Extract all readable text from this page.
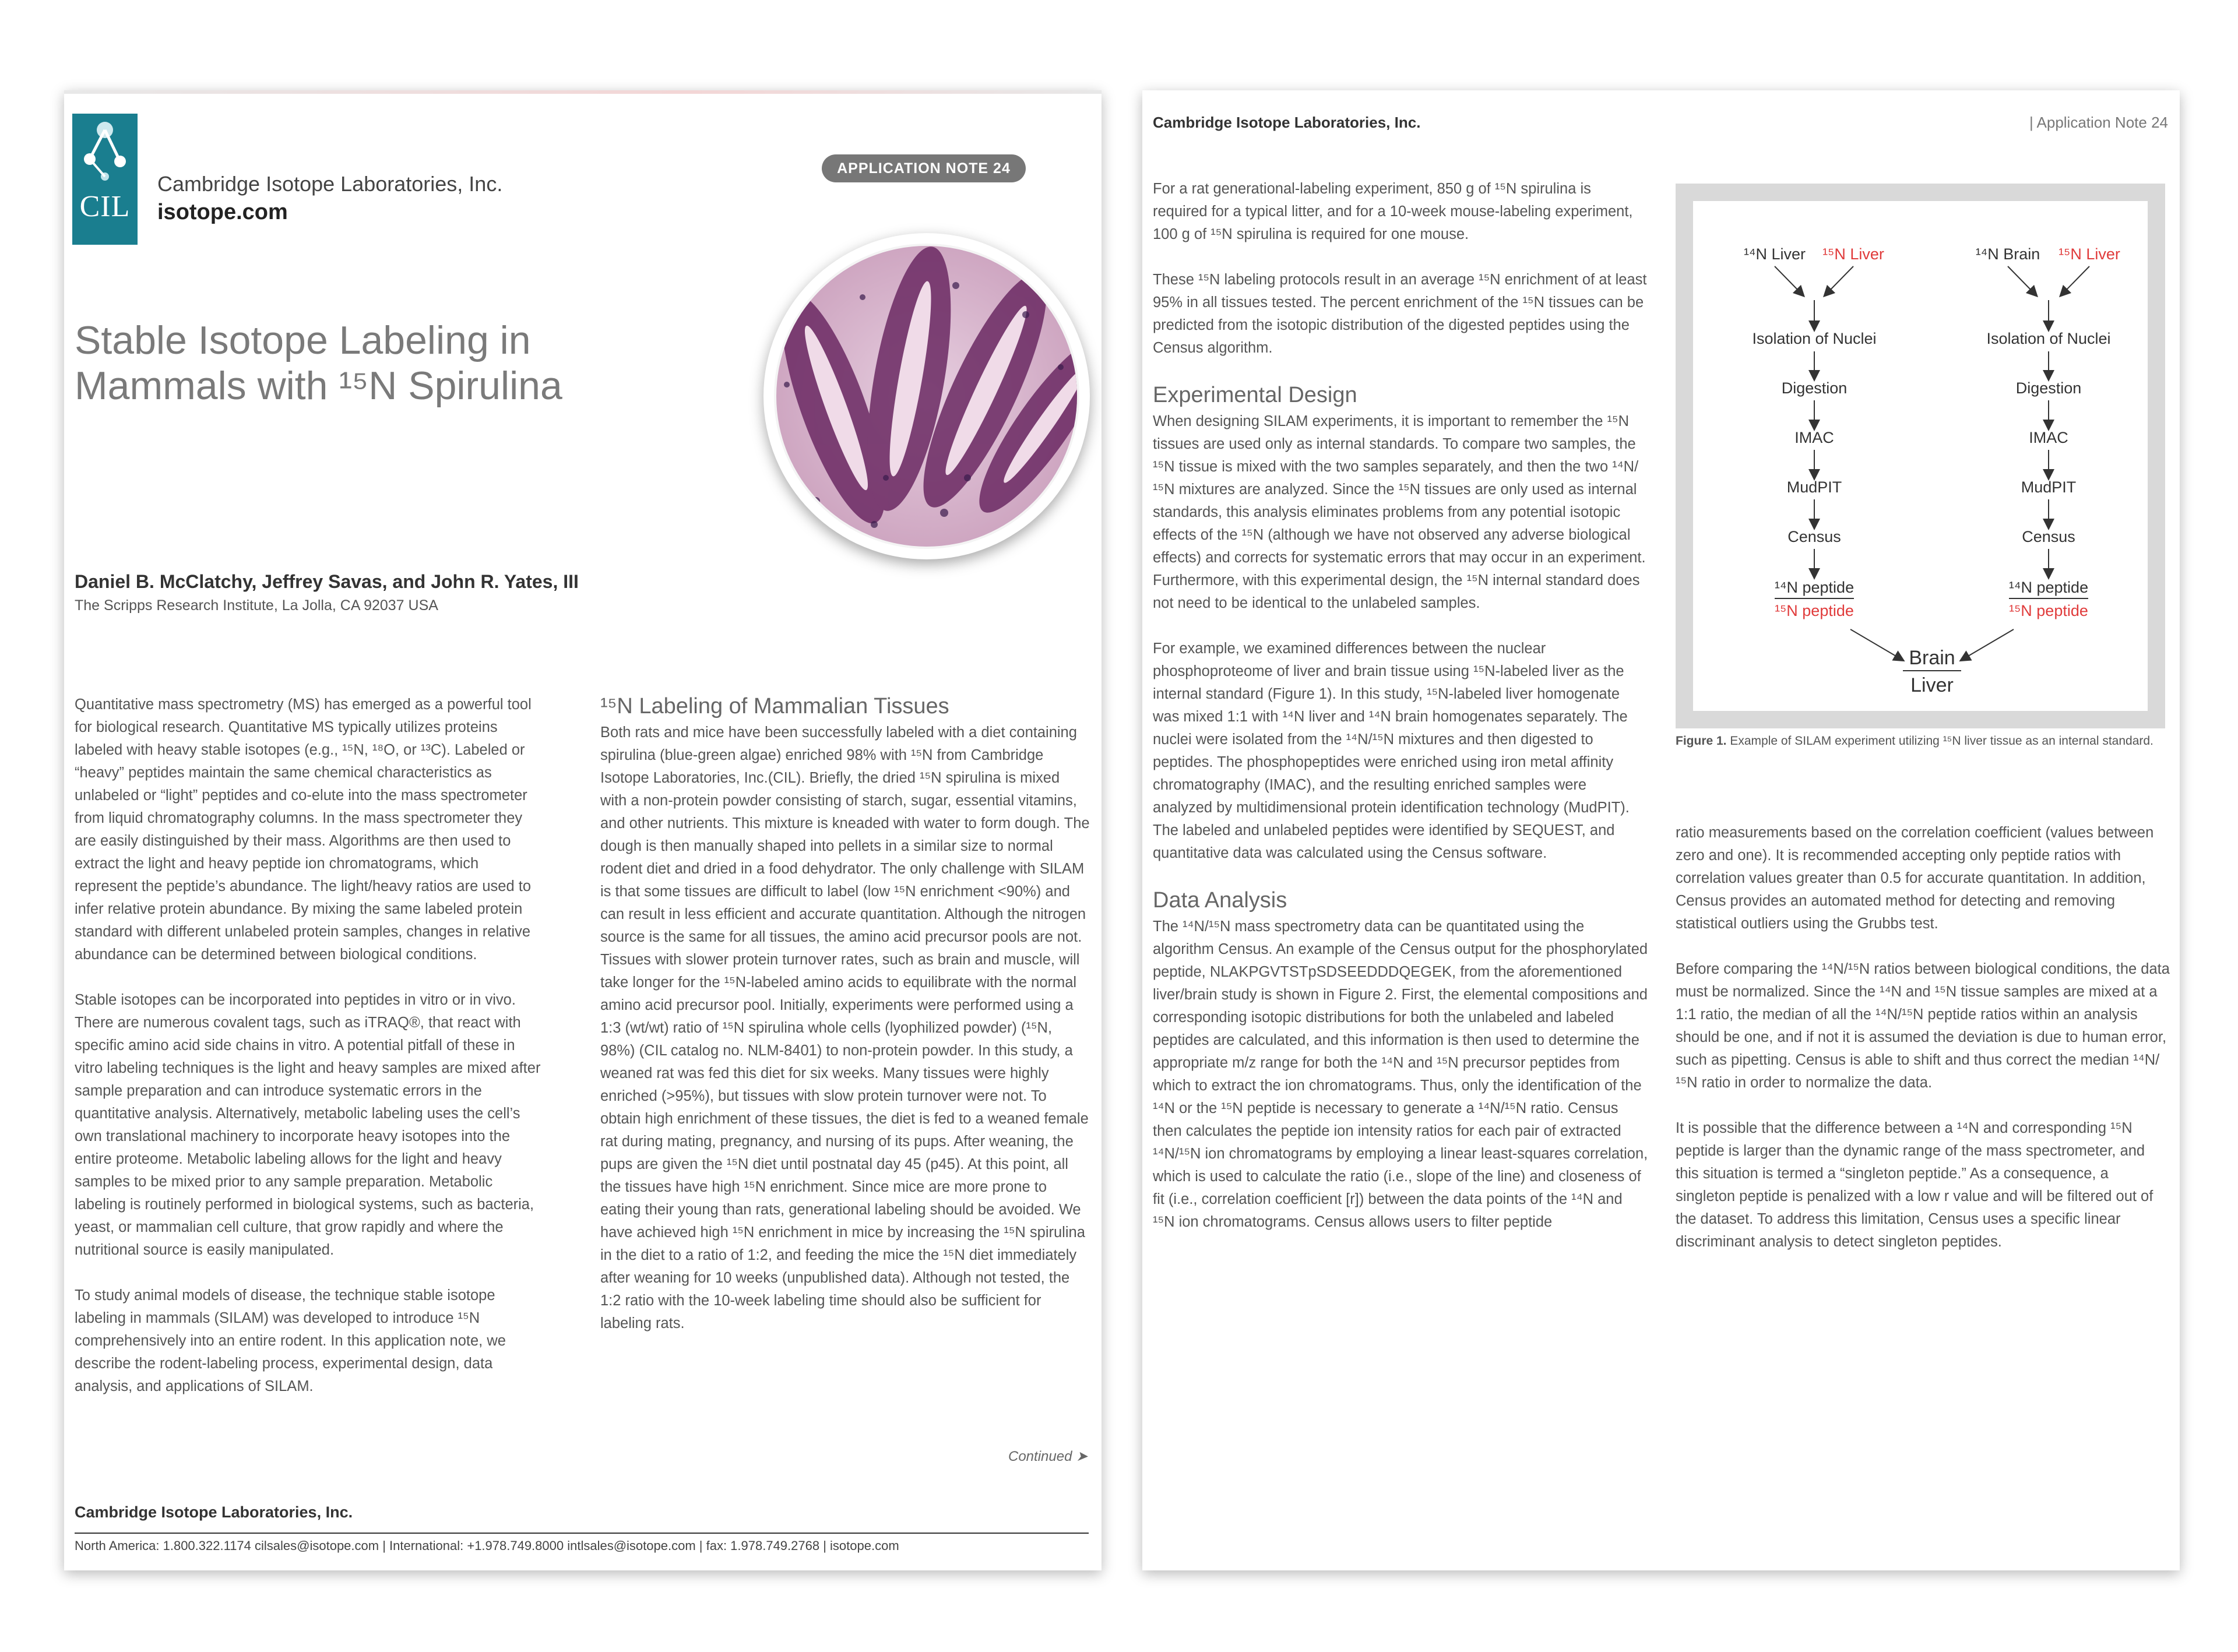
CIL
Cambridge Isotope Laboratories, Inc.
isotope.com
APPLICATION NOTE 24
Stable Isotope Labeling in
Mammals with ¹⁵N Spirulina
Daniel B. McClatchy, Jeffrey Savas, and John R. Yates, III
The Scripps Research Institute, La Jolla, CA 92037 USA

Quantitative mass spectrometry (MS) has emerged as a powerful tool for biological research. Quantitative MS typically utilizes proteins labeled with heavy stable isotopes (e.g., ¹⁵N, ¹⁸O, or ¹³C). Labeled or “heavy” peptides maintain the same chemical characteristics as unlabeled or “light” peptides and co-elute into the mass spectrometer from liquid chromatography columns. In the mass spectrometer they are easily distinguished by their mass. Algorithms are then used to extract the light and heavy peptide ion chromatograms, which represent the peptide’s abundance. The light/heavy ratios are used to infer relative protein abundance. By mixing the same labeled protein standard with different unlabeled protein samples, changes in relative abundance can be determined between biological conditions.

Stable isotopes can be incorporated into peptides in vitro or in vivo. There are numerous covalent tags, such as iTRAQ®, that react with specific amino acid side chains in vitro. A potential pitfall of these in vitro labeling techniques is the light and heavy samples are mixed after sample preparation and can introduce systematic errors in the quantitative analysis. Alternatively, metabolic labeling uses the cell’s own translational machinery to incorporate heavy isotopes into the entire proteome. Metabolic labeling allows for the light and heavy samples to be mixed prior to any sample preparation. Metabolic labeling is routinely performed in biological systems, such as bacteria, yeast, or mammalian cell culture, that grow rapidly and where the nutritional source is easily manipulated.

To study animal models of disease, the technique stable isotope labeling in mammals (SILAM) was developed to introduce ¹⁵N comprehensively into an entire rodent. In this application note, we describe the rodent-labeling process, experimental design, data analysis, and applications of SILAM.

¹⁵N Labeling of Mammalian Tissues

Both rats and mice have been successfully labeled with a diet containing spirulina (blue-green algae) enriched 98% with ¹⁵N from Cambridge Isotope Laboratories, Inc.(CIL). Briefly, the dried ¹⁵N spirulina is mixed with a non-protein powder consisting of starch, sugar, essential vitamins, and other nutrients. This mixture is kneaded with water to form dough. The dough is then manually shaped into pellets in a similar size to normal rodent diet and dried in a food dehydrator. The only challenge with SILAM is that some tissues are difficult to label (low ¹⁵N enrichment <90%) and can result in less efficient and accurate quantitation. Although the nitrogen source is the same for all tissues, the amino acid precursor pools are not. Tissues with slower protein turnover rates, such as brain and muscle, will take longer for the ¹⁵N-labeled amino acids to equilibrate with the normal amino acid precursor pool. Initially, experiments were performed using a 1:3 (wt/wt) ratio of ¹⁵N spirulina whole cells (lyophilized powder) (¹⁵N, 98%) (CIL catalog no. NLM-8401) to non-protein powder. In this study, a weaned rat was fed this diet for six weeks. Many tissues were highly enriched (>95%), but tissues with slow protein turnover were not. To obtain high enrichment of these tissues, the diet is fed to a weaned female rat during mating, pregnancy, and nursing of its pups. After weaning, the pups are given the ¹⁵N diet until postnatal day 45 (p45). At this point, all the tissues have high ¹⁵N enrichment. Since mice are more prone to eating their young than rats, generational labeling should be avoided. We have achieved high ¹⁵N enrichment in mice by increasing the ¹⁵N spirulina in the diet to a ratio of 1:2, and feeding the mice the ¹⁵N diet immediately after weaning for 10 weeks (unpublished data). Although not tested, the 1:2 ratio with the 10-week labeling time should also be sufficient for labeling rats.

Continued ➤
Cambridge Isotope Laboratories, Inc.
North America: 1.800.322.1174 cilsales@isotope.com | International: +1.978.749.8000 intlsales@isotope.com | fax: 1.978.749.2768 | isotope.com
Cambridge Isotope Laboratories, Inc.	| Application Note 24

For a rat generational-labeling experiment, 850 g of ¹⁵N spirulina is required for a typical litter, and for a 10-week mouse-labeling experiment, 100 g of ¹⁵N spirulina is required for one mouse.

These ¹⁵N labeling protocols result in an average ¹⁵N enrichment of at least 95% in all tissues tested. The percent enrichment of the ¹⁵N tissues can be predicted from the isotopic distribution of the digested peptides using the Census algorithm.

Experimental Design

When designing SILAM experiments, it is important to remember the ¹⁵N tissues are used only as internal standards. To compare two samples, the ¹⁵N tissue is mixed with the two samples separately, and then the two ¹⁴N/¹⁵N mixtures are analyzed. Since the ¹⁵N tissues are only used as internal standards, this analysis eliminates problems from any potential isotopic effects of the ¹⁵N (although we have not observed any adverse biological effects) and corrects for systematic errors that may occur in an experiment. Furthermore, with this experimental design, the ¹⁵N internal standard does not need to be identical to the unlabeled samples.

For example, we examined differences between the nuclear phosphoproteome of liver and brain tissue using ¹⁵N-labeled liver as the internal standard (Figure 1). In this study, ¹⁵N-labeled liver homogenate was mixed 1:1 with ¹⁴N liver and ¹⁴N brain homogenates separately. The nuclei were isolated from the ¹⁴N/¹⁵N mixtures and then digested to peptides. The phosphopeptides were enriched using iron metal affinity chromatography (IMAC), and the resulting enriched samples were analyzed by multidimensional protein identification technology (MudPIT). The labeled and unlabeled peptides were identified by SEQUEST, and quantitative data was calculated using the Census software.

Data Analysis

The ¹⁴N/¹⁵N mass spectrometry data can be quantitated using the algorithm Census. An example of the Census output for the phosphorylated peptide, NLAKPGVTSTpSDSEEDDDQEGEK, from the aforementioned liver/brain study is shown in Figure 2. First, the elemental compositions and corresponding isotopic distributions for both the unlabeled and labeled peptides are calculated, and this information is then used to determine the appropriate m/z range for both the ¹⁴N and ¹⁵N precursor peptides from which to extract the ion chromatograms. Thus, only the identification of the ¹⁴N or the ¹⁵N peptide is necessary to generate a ¹⁴N/¹⁵N ratio. Census then calculates the peptide ion intensity ratios for each pair of extracted ¹⁴N/¹⁵N ion chromatograms by employing a linear least-squares correlation, which is used to calculate the ratio (i.e., slope of the line) and closeness of fit (i.e., correlation coefficient [r]) between the data points of the ¹⁴N and ¹⁵N ion chromatograms. Census allows users to filter peptide

¹⁴N Liver ¹⁵N Liver
Isolation of Nuclei
Digestion
IMAC
MudPIT
Census
¹⁴N peptide
¹⁵N peptide
¹⁴N Brain ¹⁵N Liver
Isolation of Nuclei
Digestion
IMAC
MudPIT
Census
¹⁴N peptide
¹⁵N peptide
Brain
Liver
Figure 1. Example of SILAM experiment utilizing ¹⁵N liver tissue as an internal standard.

ratio measurements based on the correlation coefficient (values between zero and one). It is recommended accepting only peptide ratios with correlation values greater than 0.5 for accurate quantitation. In addition, Census provides an automated method for detecting and removing statistical outliers using the Grubbs test.

Before comparing the ¹⁴N/¹⁵N ratios between biological conditions, the data must be normalized. Since the ¹⁴N and ¹⁵N tissue samples are mixed at a 1:1 ratio, the median of all the ¹⁴N/¹⁵N peptide ratios within an analysis should be one, and if not it is assumed the deviation is due to human error, such as pipetting. Census is able to shift and thus correct the median ¹⁴N/¹⁵N ratio in order to normalize the data.

It is possible that the difference between a ¹⁴N and corresponding ¹⁵N peptide is larger than the dynamic range of the mass spectrometer, and this situation is termed a “singleton peptide.” As a consequence, a singleton peptide is penalized with a low r value and will be filtered out of the dataset. To address this limitation, Census uses a specific linear discriminant analysis to detect singleton peptides.
